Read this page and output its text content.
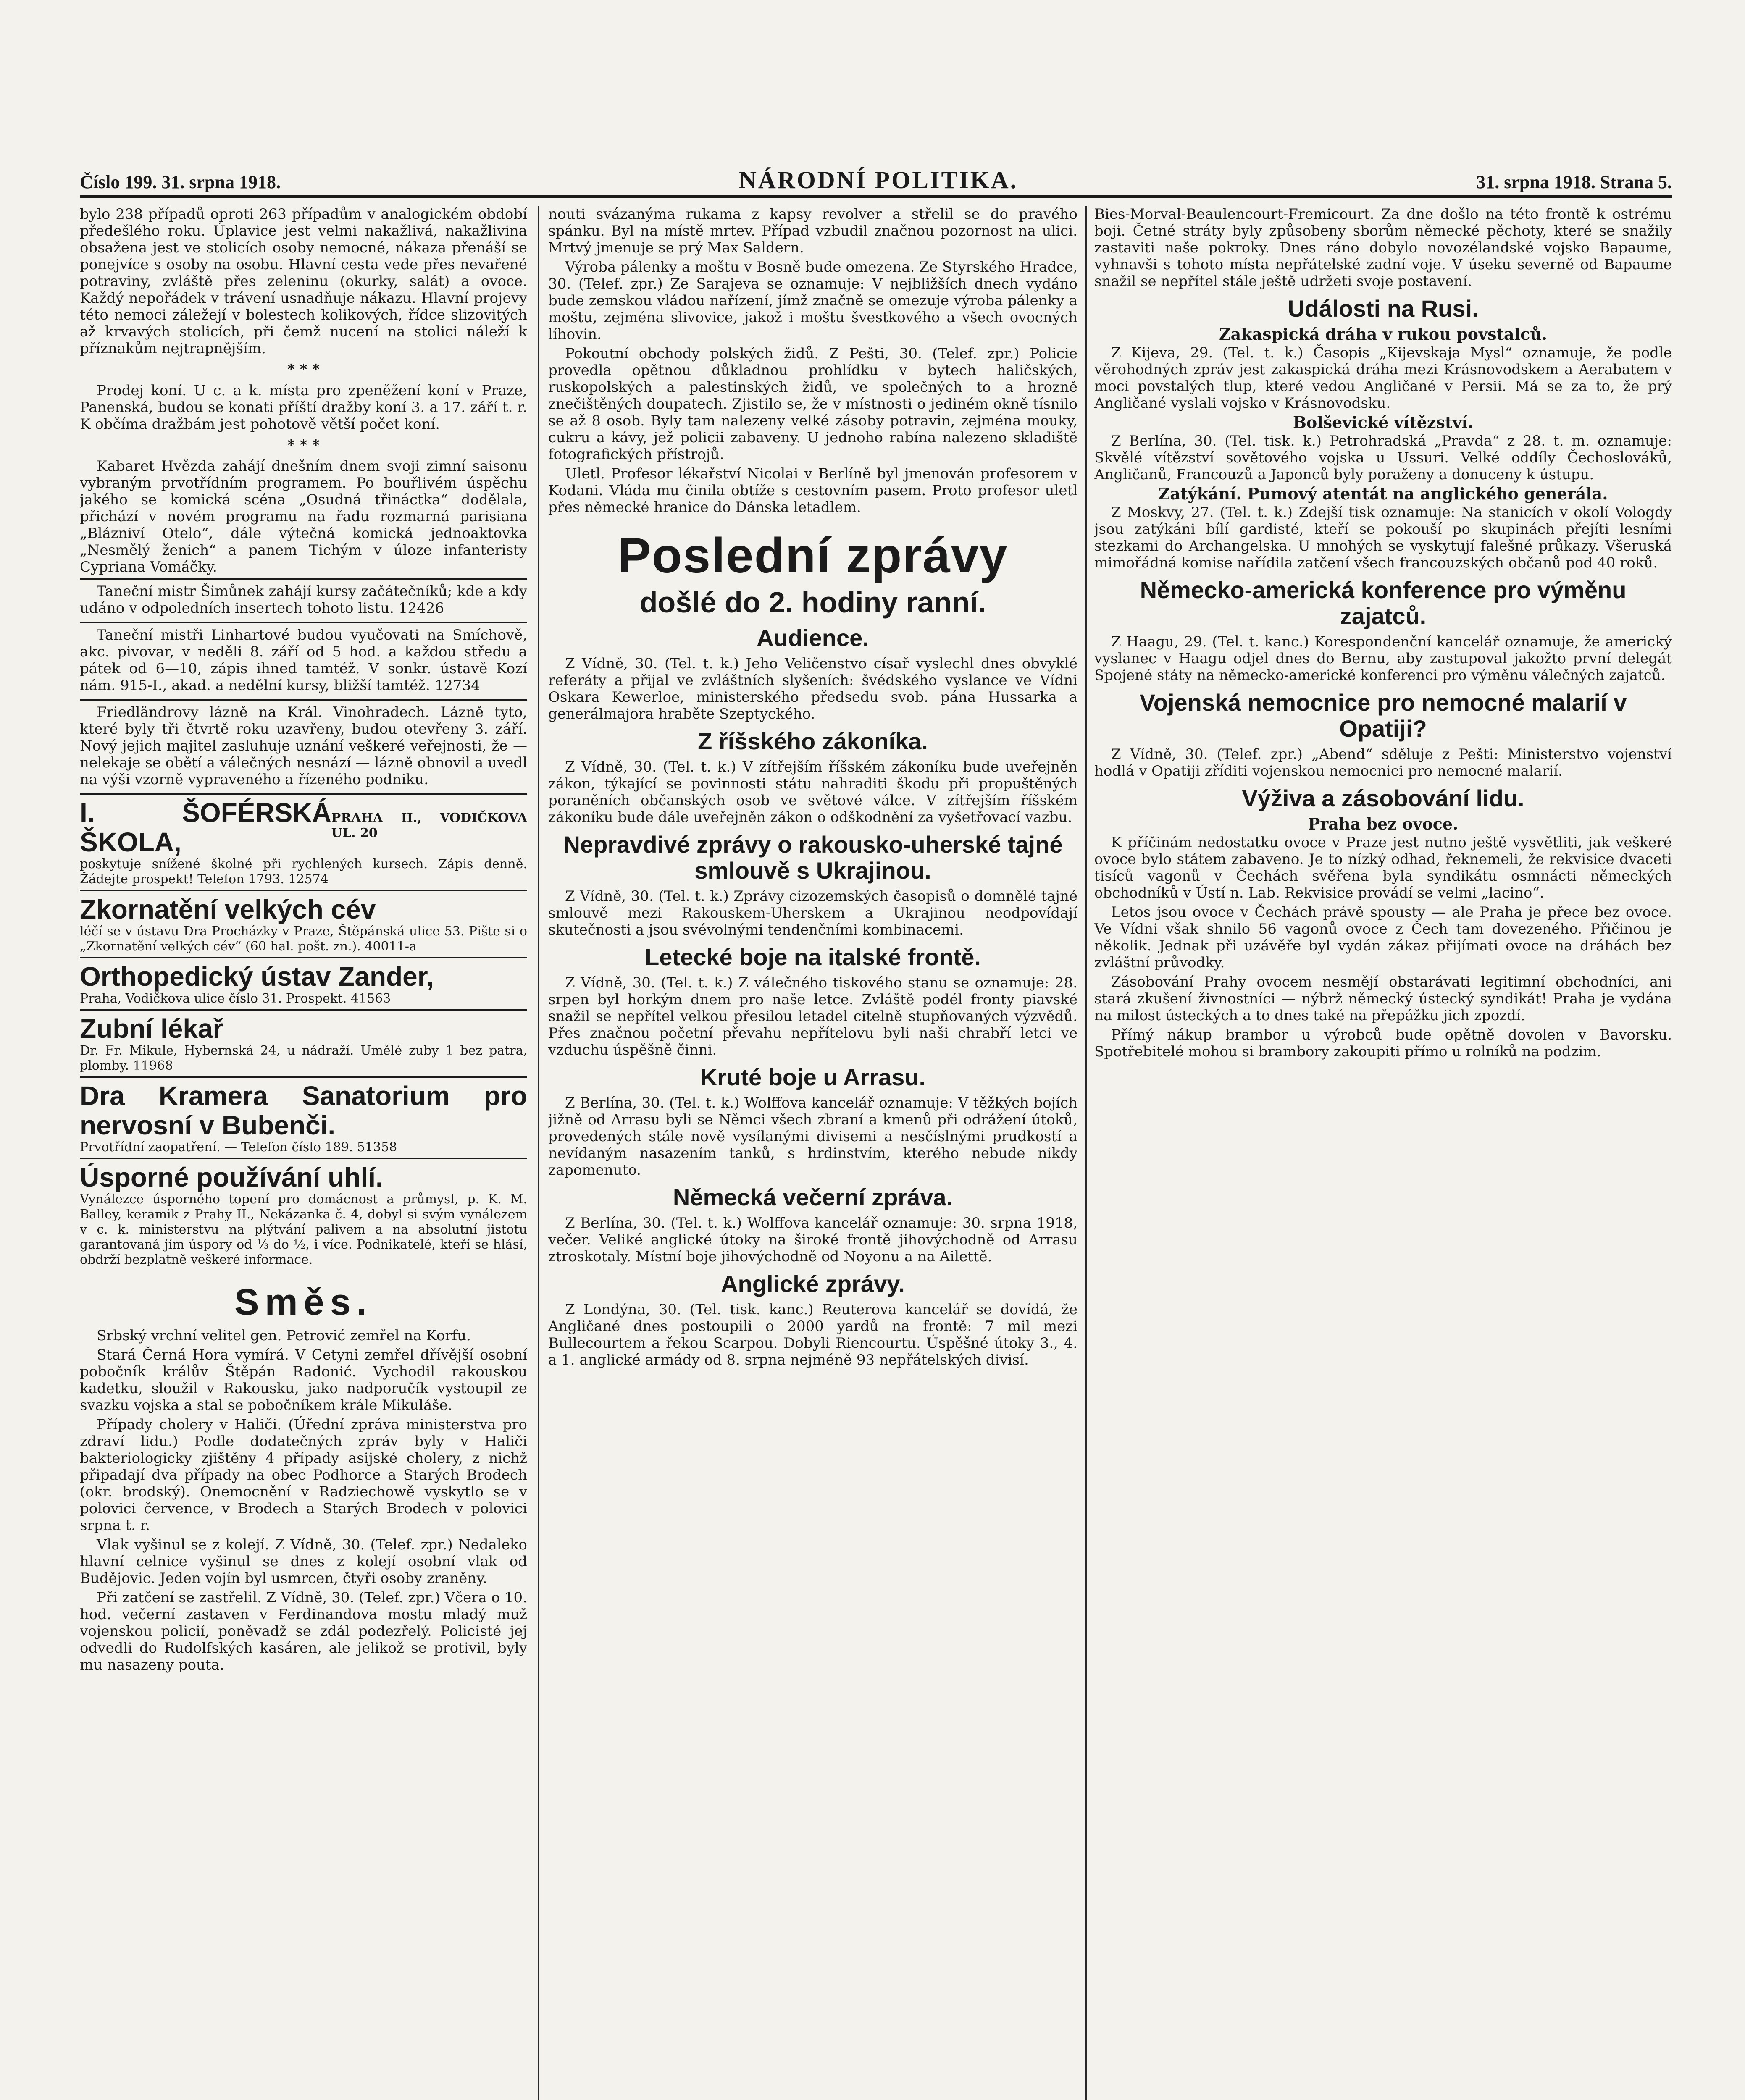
Číslo 199. 31. srpna 1918.	NÁRODNÍ POLITIKA.	31. srpna 1918. Strana 5.

bylo 238 případů oproti 263 případům v analogickém období předešlého roku. Úplavice jest velmi nakažlivá, nakažlivina obsažena jest ve stolicích osoby nemocné, nákaza přenáší se ponejvíce s osoby na osobu. Hlavní cesta vede přes nevařené potraviny, zvláště přes zeleninu (okurky, salát) a ovoce. Každý nepořádek v trávení usnadňuje nákazu. Hlavní projevy této nemoci záležejí v bolestech kolikových, řídce slizovitých až krvavých stolicích, při čemž nucení na stolici náleží k příznakům nejtrapnějším.

* * *

Prodej koní. U c. a k. místa pro zpeněžení koní v Praze, Panenská, budou se konati příští dražby koní 3. a 17. září t. r. K občíma dražbám jest pohotově větší počet koní.

* * *

Kabaret Hvězda zahájí dnešním dnem svoji zimní saisonu vybraným prvotřídním programem. Po bouřlivém úspěchu jakého se komická scéna „Osudná třináctka“ dodělala, přichází v novém programu na řadu rozmarná parisiana „Blázniví Otelo“, dále výtečná komická jednoaktovka „Nesmělý ženich“ a panem Tichým v úloze infanteristy Cypriana Vomáčky.

Taneční mistr Šimůnek zahájí kursy začátečníků; kde a kdy udáno v odpoledních insertech tohoto listu. 12426

Taneční mistři Linhartové budou vyučovati na Smíchově, akc. pivovar, v neděli 8. září od 5 hod. a každou středu a pátek od 6—10, zápis ihned tamtéž. V sonkr. ústavě Kozí nám. 915-I., akad. a nedělní kursy, bližší tamtéž. 12734

Friedländrovy lázně na Král. Vinohradech. Lázně tyto, které byly tři čtvrtě roku uzavřeny, budou otevřeny 3. září. Nový jejich majitel zasluhuje uznání veškeré veřejnosti, že — nelekaje se obětí a válečných nesnází — lázně obnovil a uvedl na výši vzorně vypraveného a řízeného podniku.

I. ŠOFÉRSKÁ ŠKOLA,
PRAHA II., VODIČKOVA UL. 20
poskytuje snížené školné při rychlených kursech. Zápis denně. Žádejte prospekt! Telefon 1793. 12574
Zkornatění velkých cév
léčí se v ústavu Dra Procházky v Praze, Štěpánská ulice 53. Pište si o „Zkornatění velkých cév“ (60 hal. pošt. zn.). 40011-a
Orthopedický ústav Zander,
Praha, Vodičkova ulice číslo 31. Prospekt. 41563
Zubní lékař
Dr. Fr. Mikule, Hybernská 24, u nádraží. Umělé zuby 1 bez patra, plomby. 11968
Dra Kramera Sanatorium pro nervosní v Bubenči.
Prvotřídní zaopatření. — Telefon číslo 189. 51358
Úsporné používání uhlí.
Vynálezce úsporného topení pro domácnost a průmysl, p. K. M. Balley, keramik z Prahy II., Nekázanka č. 4, dobyl si svým vynálezem v c. k. ministerstvu na plýtvání palivem a na absolutní jistotu garantovaná jím úspory od ⅓ do ½, i více. Podnikatelé, kteří se hlásí, obdrží bezplatně veškeré informace.
Směs.

Srbský vrchní velitel gen. Petrović zemřel na Korfu.

Stará Černá Hora vymírá. V Cetyni zemřel dřívější osobní pobočník králův Štěpán Radonić. Vychodil rakouskou kadetku, sloužil v Rakousku, jako nadporučík vystoupil ze svazku vojska a stal se pobočníkem krále Mikuláše.

Případy cholery v Haliči. (Úřední zpráva ministerstva pro zdraví lidu.) Podle dodatečných zpráv byly v Haliči bakteriologicky zjištěny 4 případy asijské cholery, z nichž připadají dva případy na obec Podhorce a Starých Brodech (okr. brodský). Onemocnění v Radziechowě vyskytlo se v polovici července, v Brodech a Starých Brodech v polovici srpna t. r.

Vlak vyšinul se z kolejí. Z Vídně, 30. (Telef. zpr.) Nedaleko hlavní celnice vyšinul se dnes z kolejí osobní vlak od Budějovic. Jeden vojín byl usmrcen, čtyři osoby zraněny.

Při zatčení se zastřelil. Z Vídně, 30. (Telef. zpr.) Včera o 10. hod. večerní zastaven v Ferdinandova mostu mladý muž vojenskou policií, poněvadž se zdál podezřelý. Policisté jej odvedli do Rudolfských kasáren, ale jelikož se protivil, byly mu nasazeny pouta.

nouti svázanýma rukama z kapsy revolver a střelil se do pravého spánku. Byl na místě mrtev. Případ vzbudil značnou pozornost na ulici. Mrtvý jmenuje se prý Max Saldern.

Výroba pálenky a moštu v Bosně bude omezena. Ze Styrského Hradce, 30. (Telef. zpr.) Ze Sarajeva se oznamuje: V nejbližších dnech vydáno bude zemskou vládou nařízení, jímž značně se omezuje výroba pálenky a moštu, zejména slivovice, jakož i moštu švestkového a všech ovocných líhovin.

Pokoutní obchody polských židů. Z Pešti, 30. (Telef. zpr.) Policie provedla opětnou důkladnou prohlídku v bytech haličských, ruskopolských a palestinských židů, ve společných to a hrozně znečištěných doupatech. Zjistilo se, že v místnosti o jediném okně tísnilo se až 8 osob. Byly tam nalezeny velké zásoby potravin, zejména mouky, cukru a kávy, jež policii zabaveny. U jednoho rabína nalezeno skladiště fotografických přístrojů.

Uletl. Profesor lékařství Nicolai v Berlíně byl jmenován profesorem v Kodani. Vláda mu činila obtíže s cestovním pasem. Proto profesor uletl přes německé hranice do Dánska letadlem.

Poslední zprávy
došlé do 2. hodiny ranní.
Audience.

Z Vídně, 30. (Tel. t. k.) Jeho Veličenstvo císař vyslechl dnes obvyklé referáty a přijal ve zvláštních slyšeních: švédského vyslance ve Vídni Oskara Kewerloe, ministerského předsedu svob. pána Hussarka a generálmajora hraběte Szeptyckého.

Z říšského zákoníka.

Z Vídně, 30. (Tel. t. k.) V zítřejším říšském zákoníku bude uveřejněn zákon, týkající se povinnosti státu nahraditi škodu při propuštěných poraněních občanských osob ve světové válce. V zítřejším říšském zákoníku bude dále uveřejněn zákon o odškodnění za vyšetřovací vazbu.

Nepravdivé zprávy o rakousko-uherské tajné smlouvě s Ukrajinou.

Z Vídně, 30. (Tel. t. k.) Zprávy cizozemských časopisů o domnělé tajné smlouvě mezi Rakouskem-Uherskem a Ukrajinou neodpovídají skutečnosti a jsou svévolnými tendenčními kombinacemi.

Letecké boje na italské frontě.

Z Vídně, 30. (Tel. t. k.) Z válečného tiskového stanu se oznamuje: 28. srpen byl horkým dnem pro naše letce. Zvláště podél fronty piavské snažil se nepřítel velkou přesilou letadel citelně stupňovaných výzvědů. Přes značnou početní převahu nepřítelovu byli naši chrabří letci ve vzduchu úspěšně činni.

Kruté boje u Arrasu.

Z Berlína, 30. (Tel. t. k.) Wolffova kancelář oznamuje: V těžkých bojích jižně od Arrasu byli se Němci všech zbraní a kmenů při odrážení útoků, provedených stále nově vysílanými divisemi a nesčíslnými prudkostí a nevídaným nasazením tanků, s hrdinstvím, kterého nebude nikdy zapomenuto.

Německá večerní zpráva.

Z Berlína, 30. (Tel. t. k.) Wolffova kancelář oznamuje: 30. srpna 1918, večer. Veliké anglické útoky na široké frontě jihovýchodně od Arrasu ztroskotaly. Místní boje jihovýchodně od Noyonu a na Ailettě.

Anglické zprávy.

Z Londýna, 30. (Tel. tisk. kanc.) Reuterova kancelář se dovídá, že Angličané dnes postoupili o 2000 yardů na frontě: 7 mil mezi Bullecourtem a řekou Scarpou. Dobyli Riencourtu. Úspěšné útoky 3., 4. a 1. anglické armády od 8. srpna nejméně 93 nepřátelských divisí.

Bies-Morval-Beaulencourt-Fremicourt. Za dne došlo na této frontě k ostrému boji. Četné stráty byly způsobeny sborům německé pěchoty, které se snažily zastaviti naše pokroky. Dnes ráno dobylo novozélandské vojsko Bapaume, vyhnavši s tohoto místa nepřátelské zadní voje. V úseku severně od Bapaume snažil se nepřítel stále ještě udržeti svoje postavení.

Události na Rusi.
Zakaspická dráha v rukou povstalců.

Z Kijeva, 29. (Tel. t. k.) Časopis „Kijevskaja Mysl“ oznamuje, že podle věrohodných zpráv jest zakaspická dráha mezi Krásnovodskem a Aerabatem v moci povstalých tlup, které vedou Angličané v Persii. Má se za to, že prý Angličané vyslali vojsko v Krásnovodsku.

Bolševické vítězství.

Z Berlína, 30. (Tel. tisk. k.) Petrohradská „Pravda“ z 28. t. m. oznamuje: Skvělé vítězství sovětového vojska u Ussuri. Velké oddíly Čechoslováků, Angličanů, Francouzů a Japonců byly poraženy a donuceny k ústupu.

Zatýkání. Pumový atentát na anglického generála.

Z Moskvy, 27. (Tel. t. k.) Zdejší tisk oznamuje: Na stanicích v okolí Vologdy jsou zatýkáni bílí gardisté, kteří se pokouší po skupinách přejíti lesními stezkami do Archangelska. U mnohých se vyskytují falešné průkazy. Všeruská mimořádná komise nařídila zatčení všech francouzských občanů pod 40 roků.

Německo-americká konference pro výměnu zajatců.

Z Haagu, 29. (Tel. t. kanc.) Korespondenční kancelář oznamuje, že americký vyslanec v Haagu odjel dnes do Bernu, aby zastupoval jakožto první delegát Spojené státy na německo-americké konferenci pro výměnu válečných zajatců.

Vojenská nemocnice pro nemocné malarií v Opatiji?

Z Vídně, 30. (Telef. zpr.) „Abend“ sděluje z Pešti: Ministerstvo vojenství hodlá v Opatiji zříditi vojenskou nemocnici pro nemocné malarií.

Výživa a zásobování lidu.
Praha bez ovoce.

K příčinám nedostatku ovoce v Praze jest nutno ještě vysvětliti, jak veškeré ovoce bylo státem zabaveno. Je to nízký odhad, řeknemeli, že rekvisice dvaceti tisíců vagonů v Čechách svěřena byla syndikátu osmnácti německých obchodníků v Ústí n. Lab. Rekvisice provádí se velmi „lacino“.

Letos jsou ovoce v Čechách právě spousty — ale Praha je přece bez ovoce. Ve Vídni však shnilo 56 vagonů ovoce z Čech tam dovezeného. Přičinou je několik. Jednak při uzávěře byl vydán zákaz přijímati ovoce na dráhách bez zvláštní průvodky.

Zásobování Prahy ovocem nesmějí obstarávati legitimní obchodníci, ani stará zkušení živnostníci — nýbrž německý ústecký syndikát! Praha je vydána na milost ústeckých a to dnes také na přepážku jich zpozdí.

Přímý nákup brambor u výrobců bude opětně dovolen v Bavorsku. Spotřebitelé mohou si brambory zakoupiti přímo u rolníků na podzim.
